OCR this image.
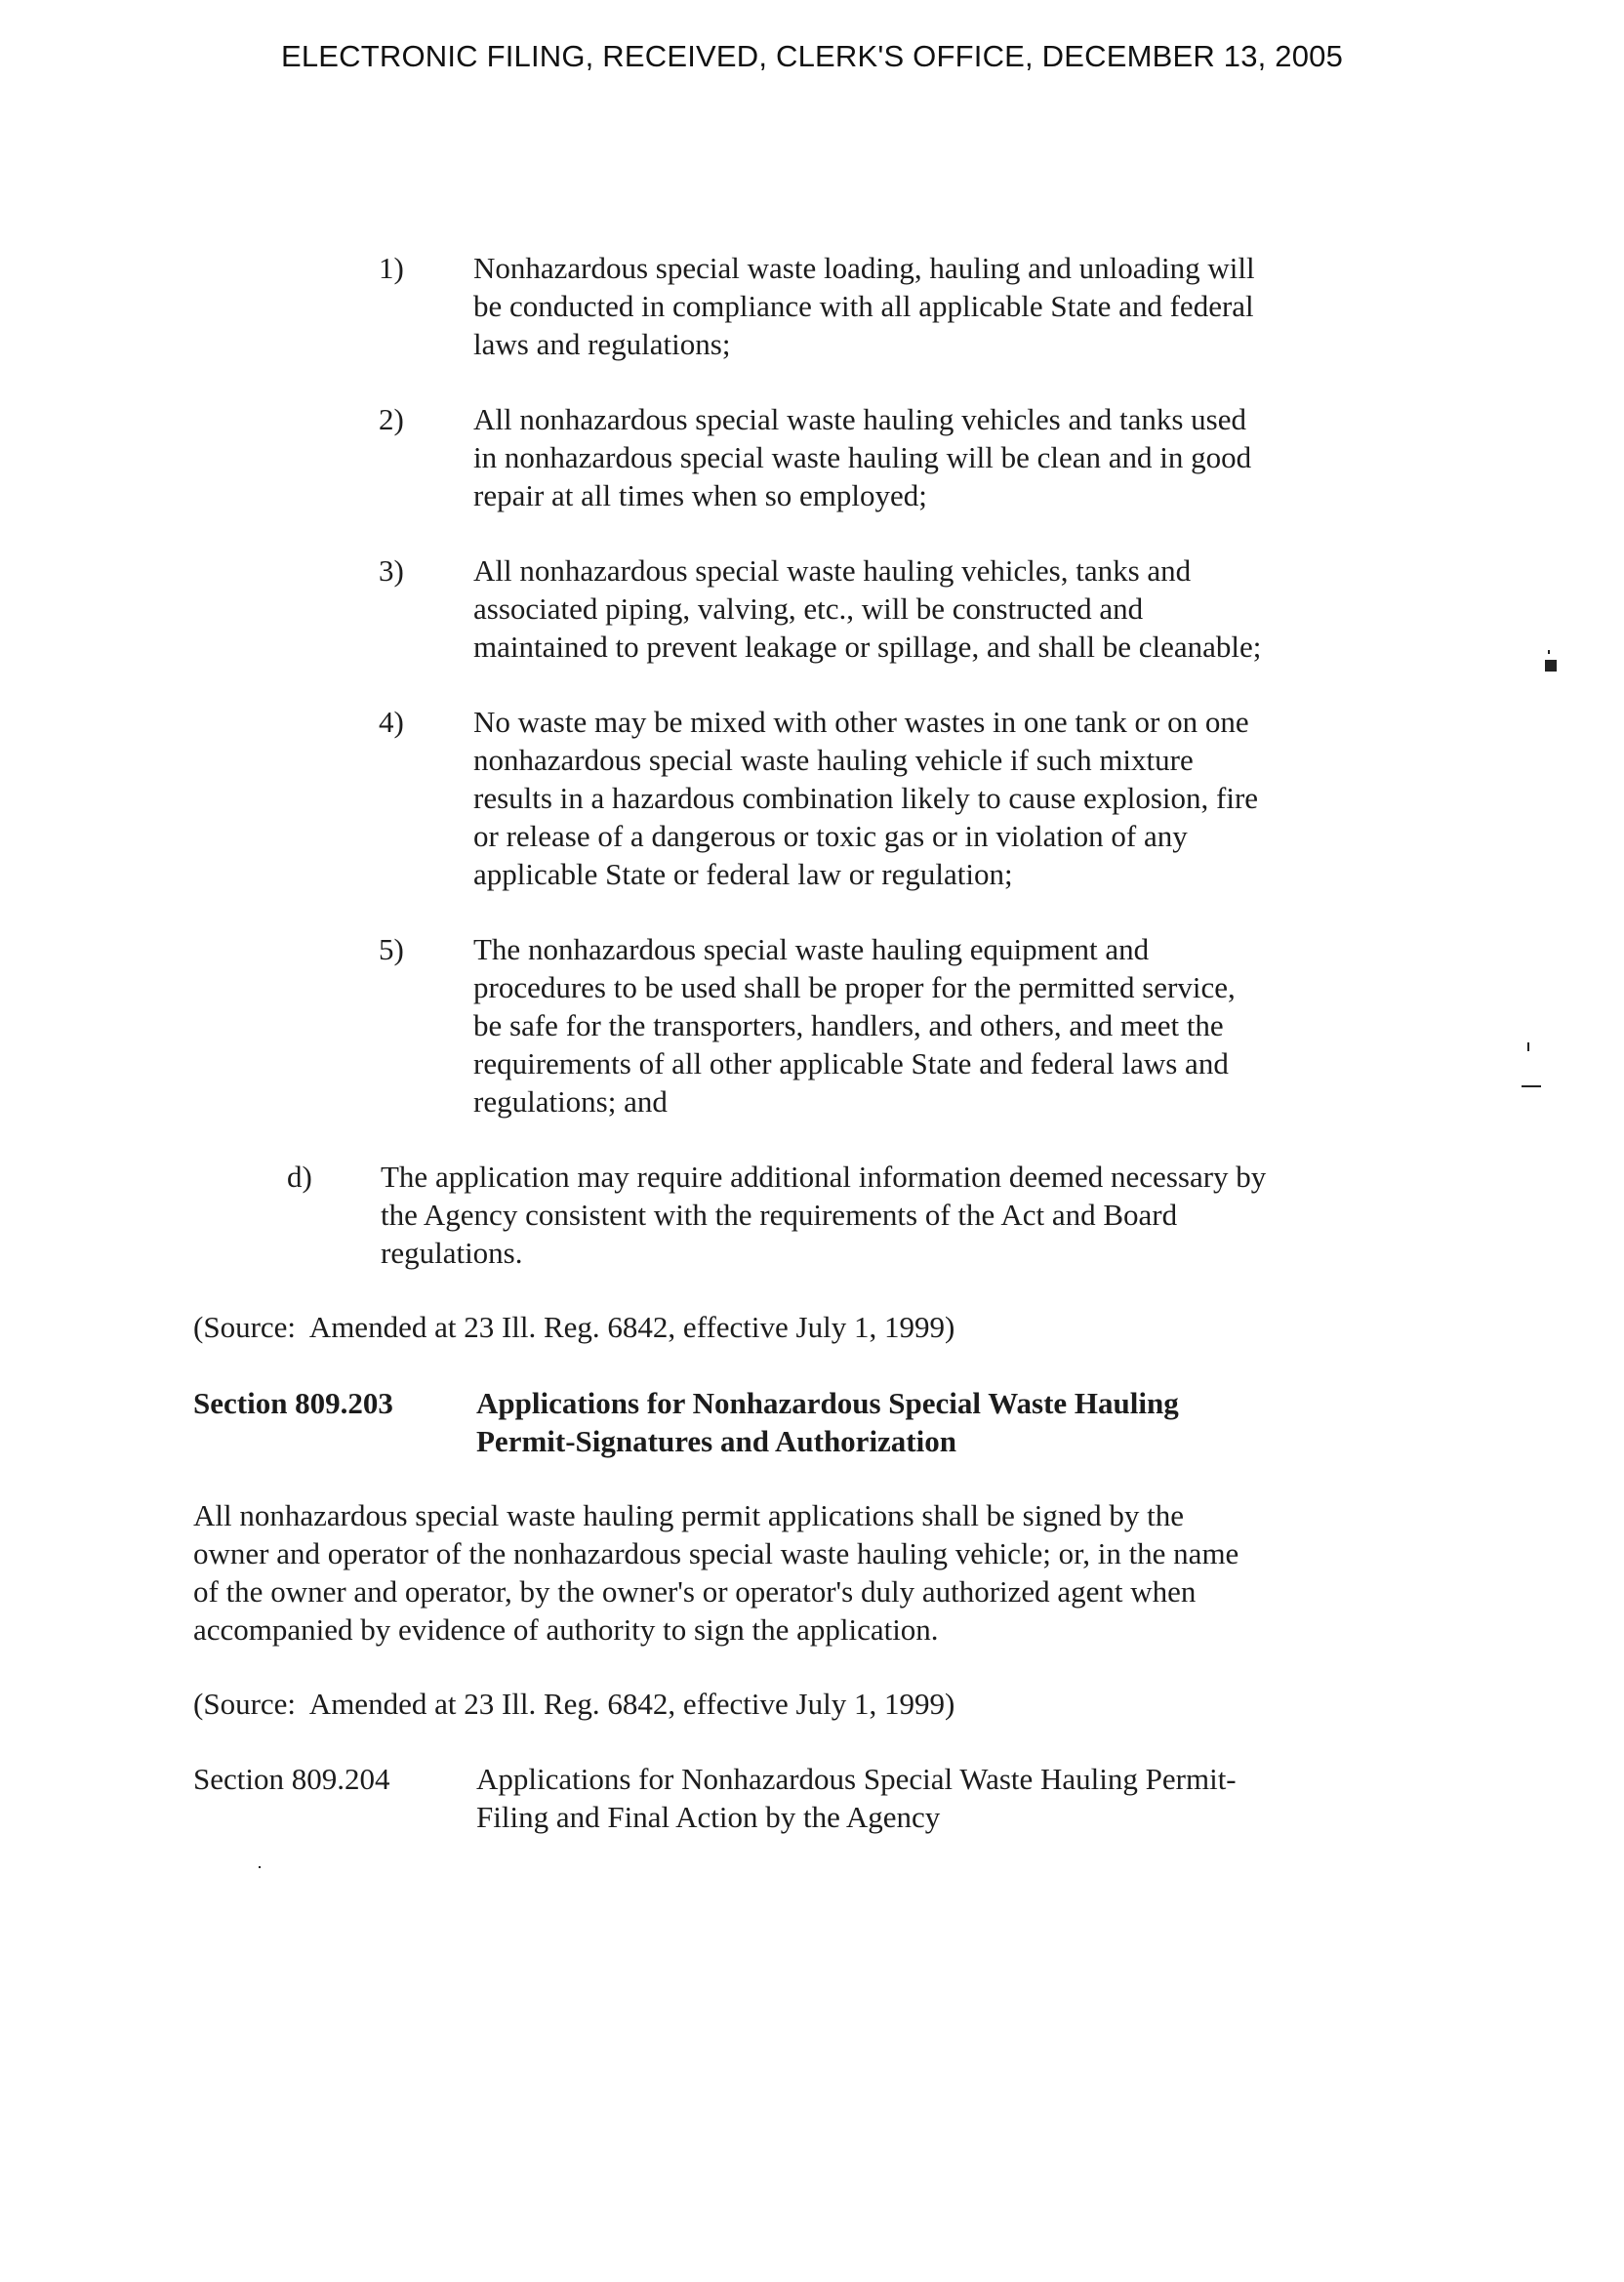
ELECTRONIC FILING, RECEIVED, CLERK'S OFFICE, DECEMBER 13, 2005
1) Nonhazardous special waste loading, hauling and unloading will
be conducted in compliance with all applicable State and federal
laws and regulations;
2) All nonhazardous special waste hauling vehicles and tanks used
in nonhazardous special waste hauling will be clean and in good
repair at all times when so employed;
3) All nonhazardous special waste hauling vehicles, tanks and
associated piping, valving, etc., will be constructed and
maintained to prevent leakage or spillage, and shall be cleanable;
4) No waste may be mixed with other wastes in one tank or on one
nonhazardous special waste hauling vehicle if such mixture
results in a hazardous combination likely to cause explosion, fire
or release of a dangerous or toxic gas or in violation of any
applicable State or federal law or regulation;
5) The nonhazardous special waste hauling equipment and
procedures to be used shall be proper for the permitted service,
be safe for the transporters, handlers, and others, and meet the
requirements of all other applicable State and federal laws and
regulations; and
d) The application may require additional information deemed necessary by
the Agency consistent with the requirements of the Act and Board
regulations.
(Source:  Amended at 23 Ill. Reg. 6842, effective July 1, 1999)
Section 809.203	Applications for Nonhazardous Special Waste Hauling
Permit-Signatures and Authorization
All nonhazardous special waste hauling permit applications shall be signed by the
owner and operator of the nonhazardous special waste hauling vehicle; or, in the name
of the owner and operator, by the owner's or operator's duly authorized agent when
accompanied by evidence of authority to sign the application.
(Source:  Amended at 23 Ill. Reg. 6842, effective July 1, 1999)
Section 809.204	Applications for Nonhazardous Special Waste Hauling Permit-
Filing and Final Action by the Agency
